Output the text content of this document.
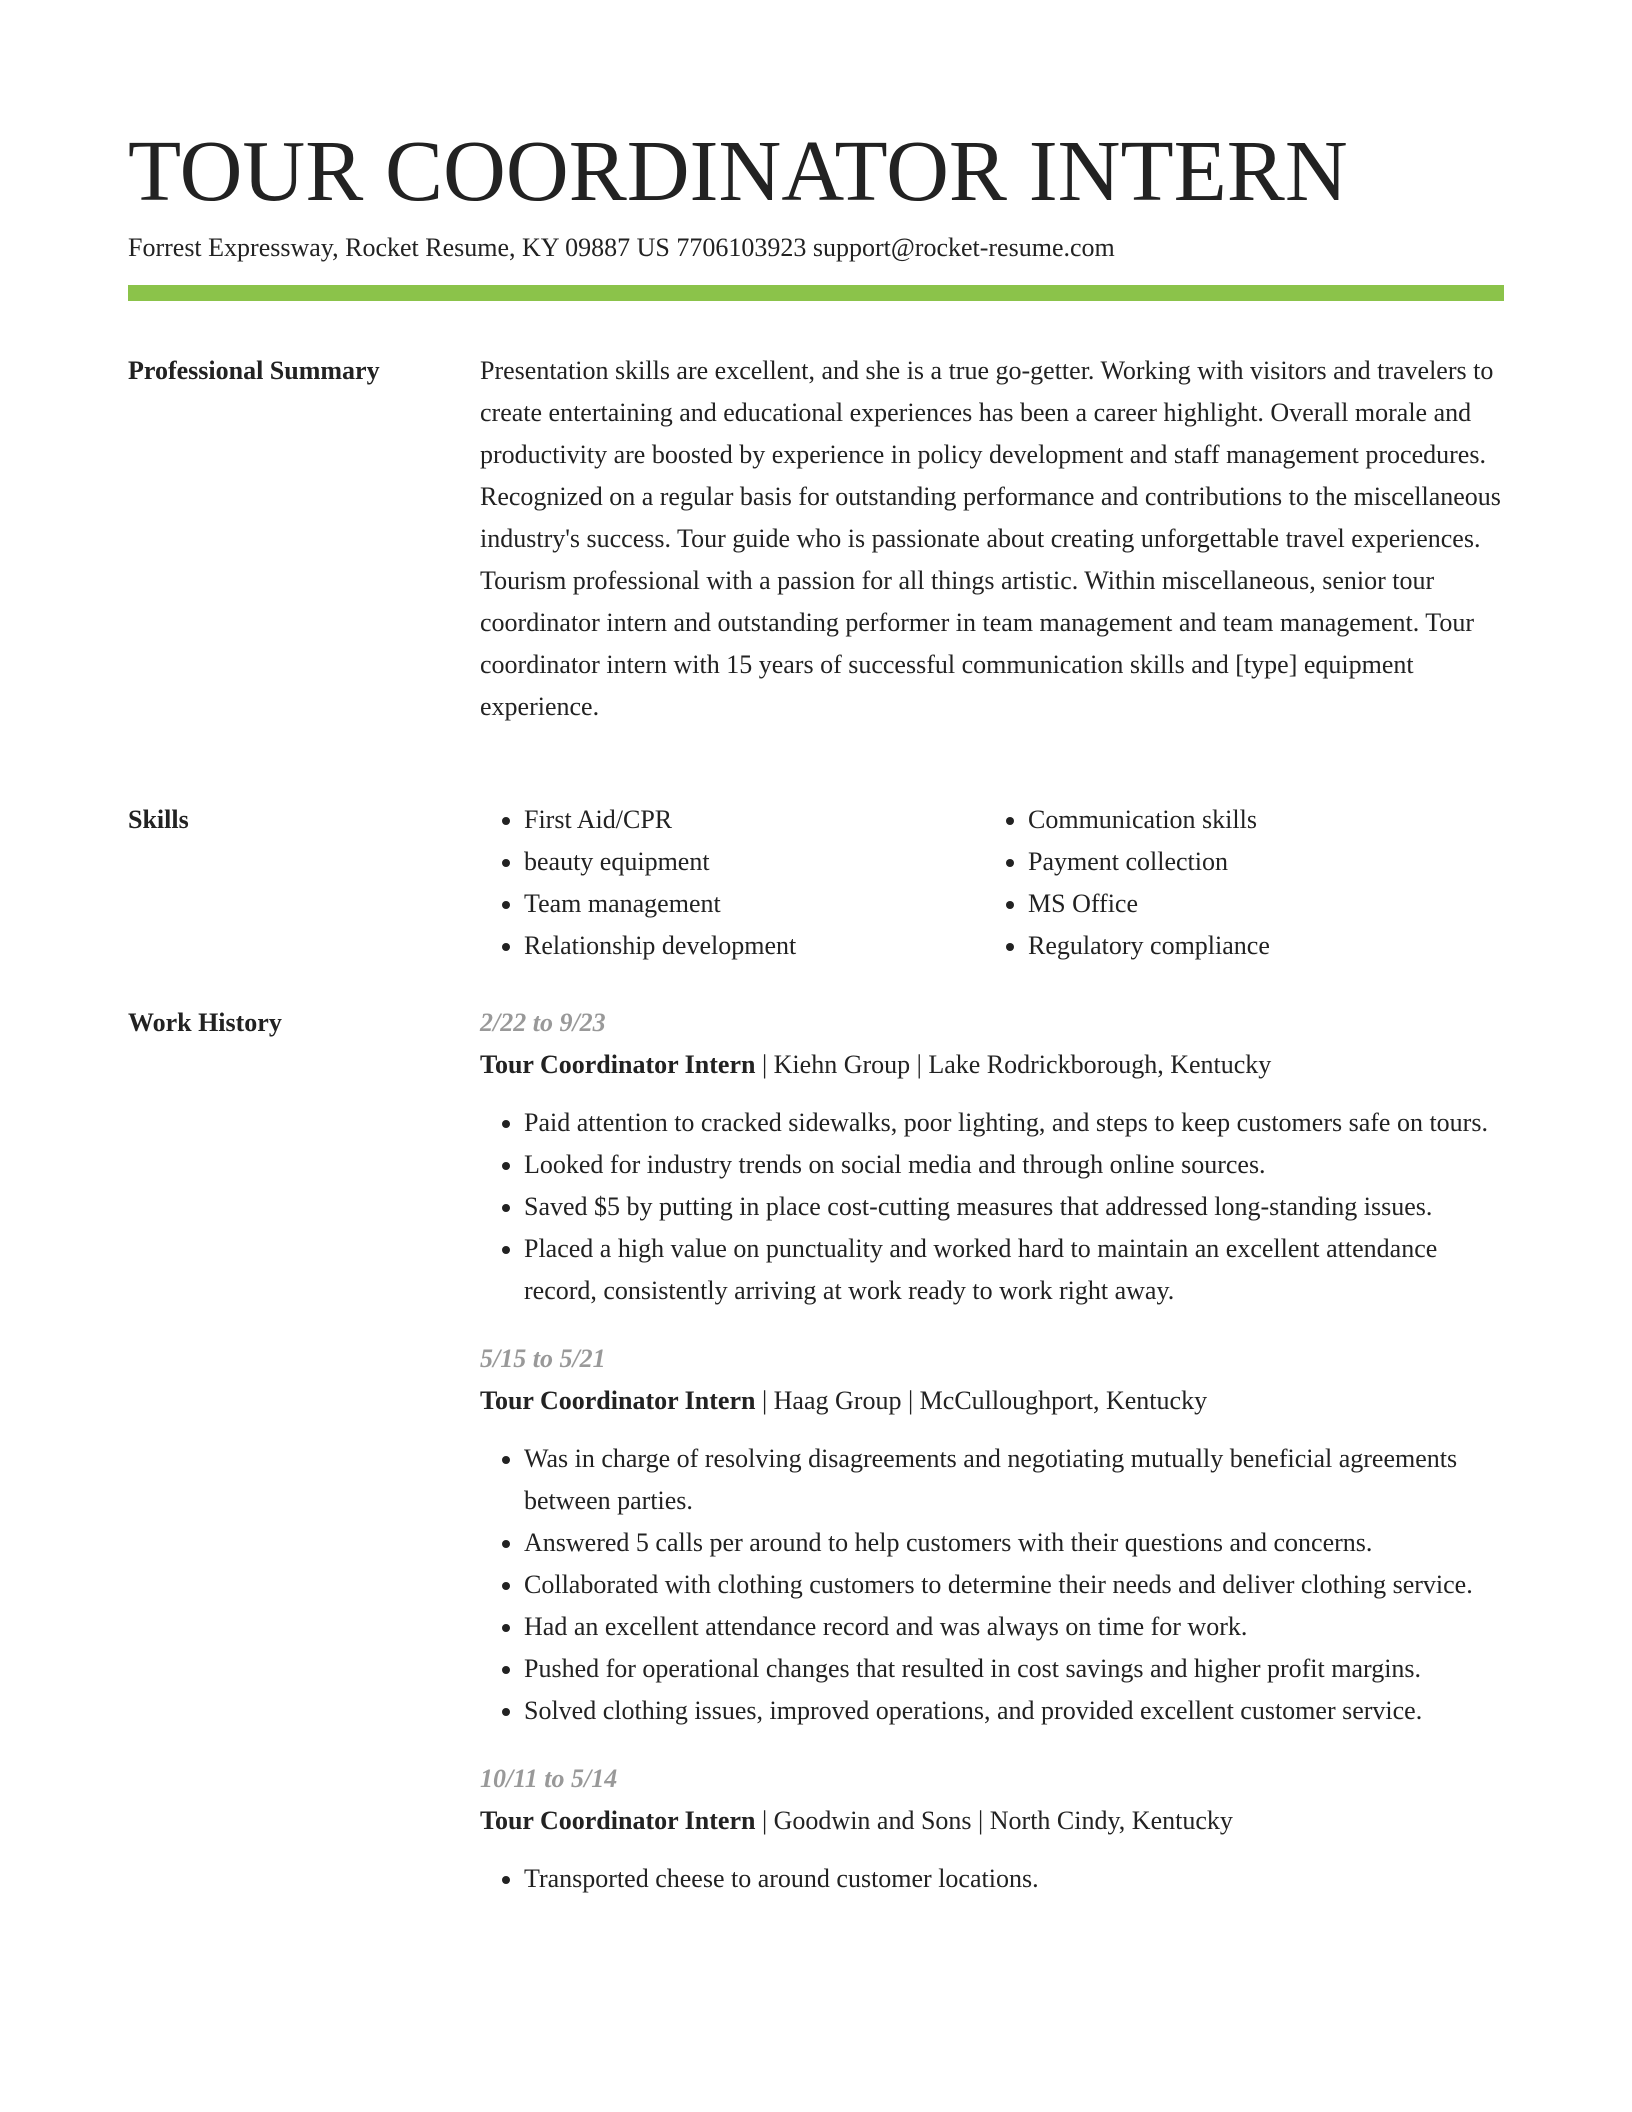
TOUR COORDINATOR INTERN
Forrest Expressway, Rocket Resume, KY 09887 US 7706103923 support@rocket-resume.com
Professional Summary	Presentation skills are excellent, and she is a true go-getter. Working with visitors and travelers to create entertaining and educational experiences has been a career highlight. Overall morale and productivity are boosted by experience in policy development and staff management procedures. Recognized on a regular basis for outstanding performance and contributions to the miscellaneous industry's success. Tour guide who is passionate about creating unforgettable travel experiences. Tourism professional with a passion for all things artistic. Within miscellaneous, senior tour coordinator intern and outstanding performer in team management and team management. Tour coordinator intern with 15 years of successful communication skills and [type] equipment experience.

Skills
•	First Aid/CPR
• beauty equipment
• Team management
• Relationship development
• Communication skills
• Payment collection
• MS Office
• Regulatory compliance
Work History	2/22 to 9/23
Tour Coordinator Intern | Kiehn Group | Lake Rodrickborough, Kentucky
• Paid attention to cracked sidewalks, poor lighting, and steps to keep customers safe on tours.
• Looked for industry trends on social media and through online sources.
• Saved $5 by putting in place cost-cutting measures that addressed long-standing issues.
• Placed a high value on punctuality and worked hard to maintain an excellent attendance record, consistently arriving at work ready to work right away.
5/15 to 5/21
Tour Coordinator Intern | Haag Group | McCulloughport, Kentucky
• Was in charge of resolving disagreements and negotiating mutually beneficial agreements between parties.
• Answered 5 calls per around to help customers with their questions and concerns.
• Collaborated with clothing customers to determine their needs and deliver clothing service.
• Had an excellent attendance record and was always on time for work.
• Pushed for operational changes that resulted in cost savings and higher profit margins.
• Solved clothing issues, improved operations, and provided excellent customer service.
10/11 to 5/14
Tour Coordinator Intern | Goodwin and Sons | North Cindy, Kentucky
• Transported cheese to around customer locations.
